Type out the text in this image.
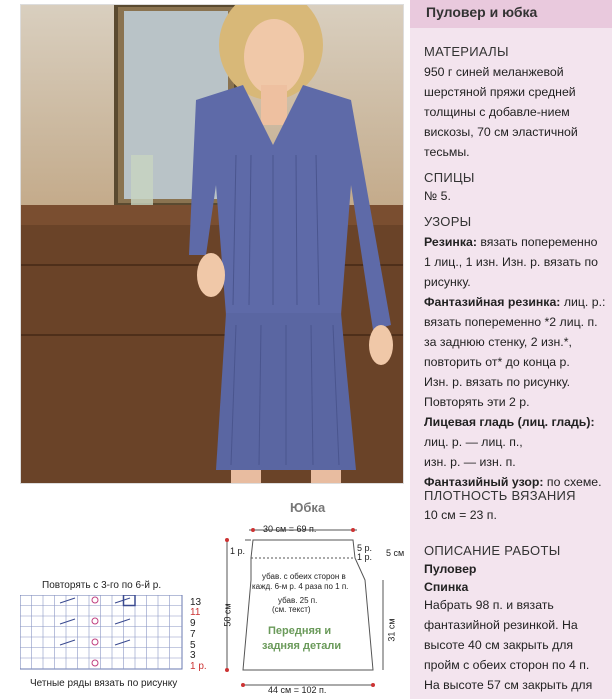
Пуловер и юбка
МАТЕРИАЛЫ
950 г синей меланжевой
шерстяной пряжи средней
толщины с добавле-нием
вискозы, 70 см эластичной
тесьмы.
СПИЦЫ
№ 5.
УЗОРЫ
Резинка: вязать попеременно
1 лиц., 1 изн. Изн. р. вязать по
рисунку.
Фантазийная резинка: лиц. р.:
вязать попеременно *2 лиц. п.
за заднюю стенку, 2 изн.*,
повторить от* до конца р.
Изн. р. вязать по рисунку.
Повторять эти 2 р.
Лицевая гладь (лиц. гладь):
лиц. р. — лиц. п.,
изн. р. — изн. п.
Фантазийный узор: по схеме.
ПЛОТНОСТЬ ВЯЗАНИЯ
10 см = 23 п.
ОПИСАНИЕ РАБОТЫ
Пуловер
Спинка
Набрать 98 п. и вязать
фантазийной резинкой. На
высоте 40 см закрыть для
пройм с обеих сторон по 4 п.
На высоте 57 см закрыть для
Юбка
Повторять с 3-го по 6-й р.
13
11
9
7
5
3
1 р.
Четные ряды вязать по рисунку
30 см = 69 п.
1 р.	5 р.
1 р. 5 см
50 см
31 см
убав. с обеих сторон в
кажд. 6-м р. 4 раза по 1 п.
убав. 25 п.
(см. текст)
Передняя и
задняя детали
44 см = 102 п.
